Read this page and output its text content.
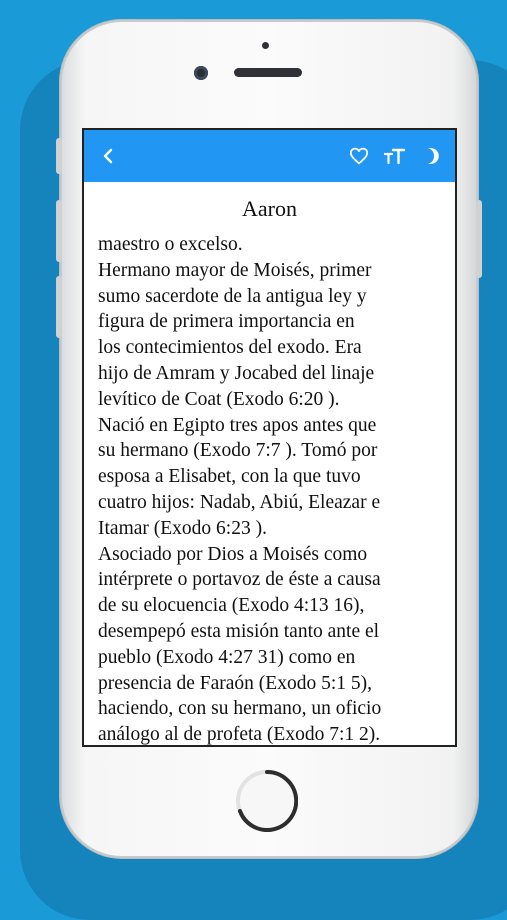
Aaron
maestro o excelso.
Hermano mayor de Moisés, primer
sumo sacerdote de la antigua ley y
figura de primera importancia en
los contecimientos del exodo. Era
hijo de Amram y Jocabed del linaje
levítico de Coat (Exodo 6:20 ).
Nació en Egipto tres apos antes que
su hermano (Exodo 7:7 ). Tomó por
esposa a Elisabet, con la que tuvo
cuatro hijos: Nadab, Abiú, Eleazar e
Itamar (Exodo 6:23 ).
Asociado por Dios a Moisés como
intérprete o portavoz de éste a causa
de su elocuencia (Exodo 4:13 16),
desempepó esta misión tanto ante el
pueblo (Exodo 4:27 31) como en
presencia de Faraón (Exodo 5:1 5),
haciendo, con su hermano, un oficio
análogo al de profeta (Exodo 7:1 2).
